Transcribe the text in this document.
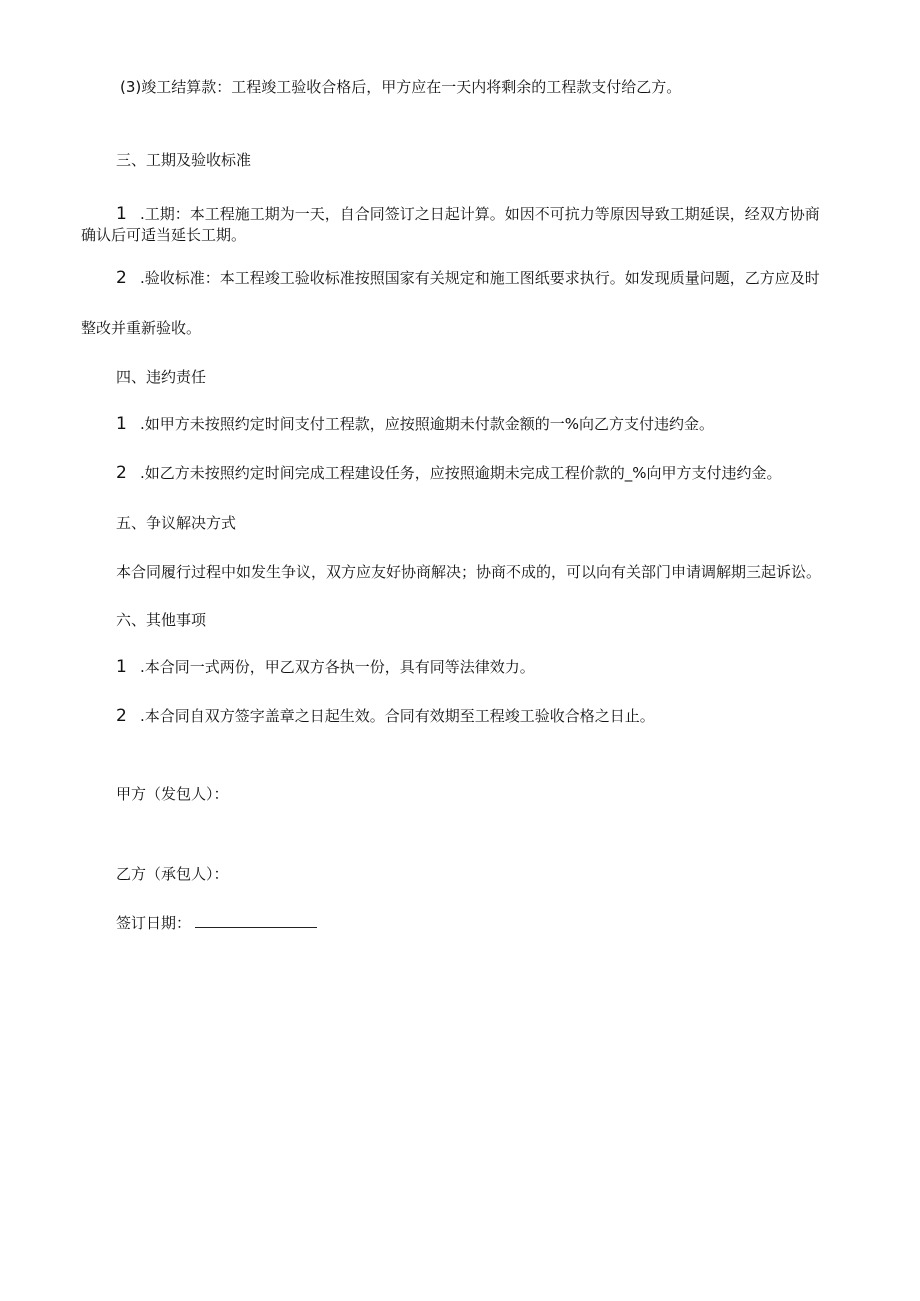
(3)竣工结算款：工程竣工验收合格后，甲方应在一天内将剩余的工程款支付给乙方。
三、工期及验收标准
1 .工期：本工程施工期为一天，自合同签订之日起计算。如因不可抗力等原因导致工期延误，经双方协商
确认后可适当延长工期。
2 .验收标准：本工程竣工验收标准按照国家有关规定和施工图纸要求执行。如发现质量问题，乙方应及时
整改并重新验收。
四、违约责任
1 .如甲方未按照约定时间支付工程款，应按照逾期未付款金额的一%向乙方支付违约金。
2 .如乙方未按照约定时间完成工程建设任务，应按照逾期未完成工程价款的_%向甲方支付违约金。
五、争议解决方式
本合同履行过程中如发生争议，双方应友好协商解决；协商不成的，可以向有关部门申请调解期三起诉讼。
六、其他事项
1 .本合同一式两份，甲乙双方各执一份，具有同等法律效力。
2 .本合同自双方签字盖章之日起生效。合同有效期至工程竣工验收合格之日止。
甲方（发包人）：
乙方（承包人）：
签订日期：
